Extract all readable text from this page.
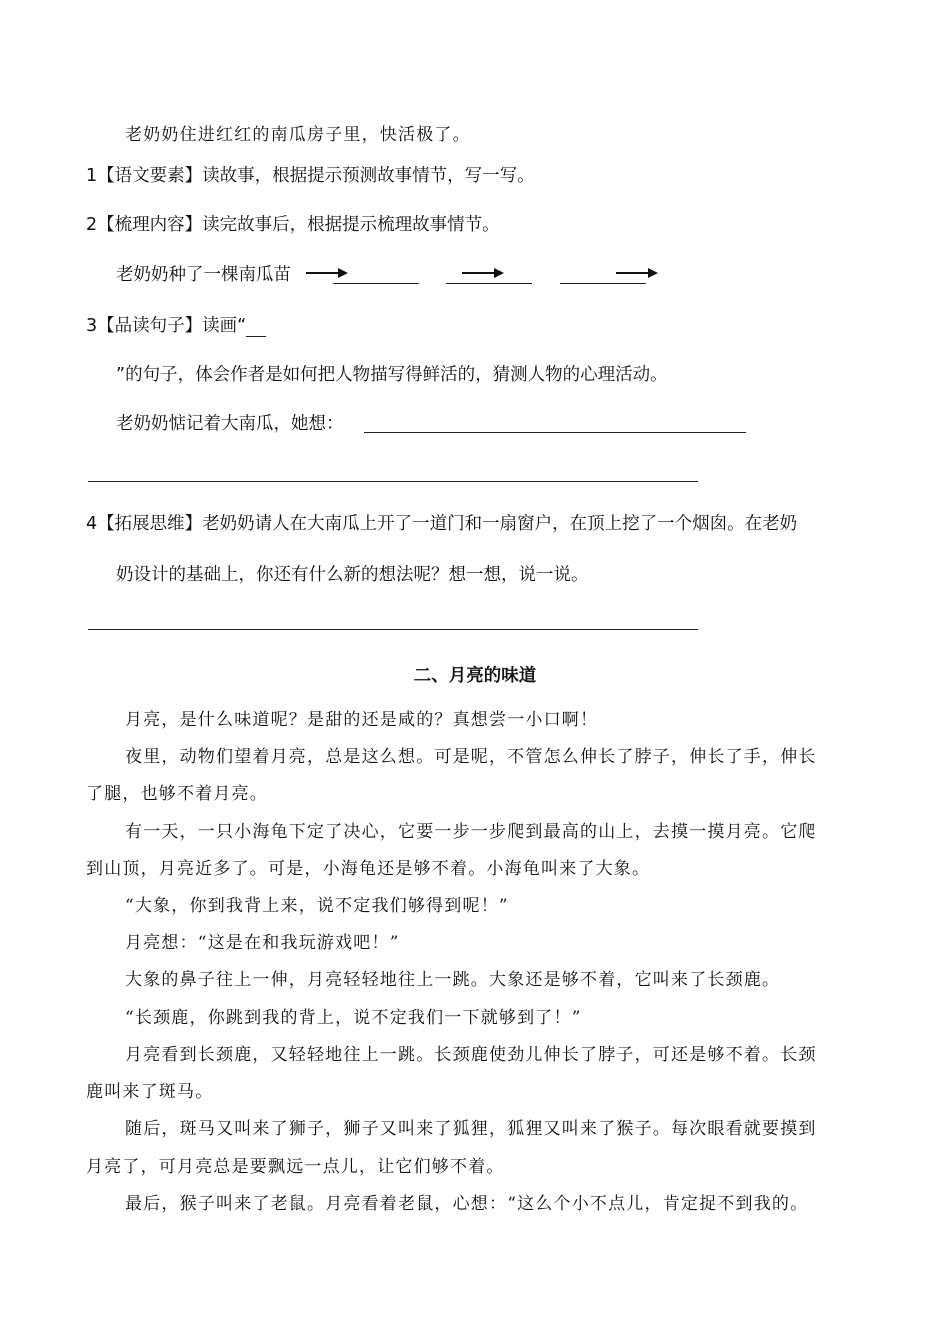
老奶奶住进红红的南瓜房子里，快活极了。
1【语文要素】读故事，根据提示预测故事情节，写一写。
2【梳理内容】读完故事后，根据提示梳理故事情节。
老奶奶种了一棵南瓜苗
3【品读句子】读画“
”的句子，体会作者是如何把人物描写得鲜活的，猜测人物的心理活动。
老奶奶惦记着大南瓜，她想：
4【拓展思维】老奶奶请人在大南瓜上开了一道门和一扇窗户，在顶上挖了一个烟囱。在老奶
奶设计的基础上，你还有什么新的想法呢？想一想，说一说。
二、月亮的味道
月亮，是什么味道呢？是甜的还是咸的？真想尝一小口啊！
夜里，动物们望着月亮，总是这么想。可是呢，不管怎么伸长了脖子，伸长了手，伸长
了腿，也够不着月亮。
有一天，一只小海龟下定了决心，它要一步一步爬到最高的山上，去摸一摸月亮。它爬
到山顶，月亮近多了。可是，小海龟还是够不着。小海龟叫来了大象。
“大象，你到我背上来，说不定我们够得到呢！”
月亮想：“这是在和我玩游戏吧！”
大象的鼻子往上一伸，月亮轻轻地往上一跳。大象还是够不着，它叫来了长颈鹿。
“长颈鹿，你跳到我的背上，说不定我们一下就够到了！”
月亮看到长颈鹿，又轻轻地往上一跳。长颈鹿使劲儿伸长了脖子，可还是够不着。长颈
鹿叫来了斑马。
随后，斑马又叫来了狮子，狮子又叫来了狐狸，狐狸又叫来了猴子。每次眼看就要摸到
月亮了，可月亮总是要飘远一点儿，让它们够不着。
最后，猴子叫来了老鼠。月亮看着老鼠，心想：“这么个小不点儿，肯定捉不到我的。
